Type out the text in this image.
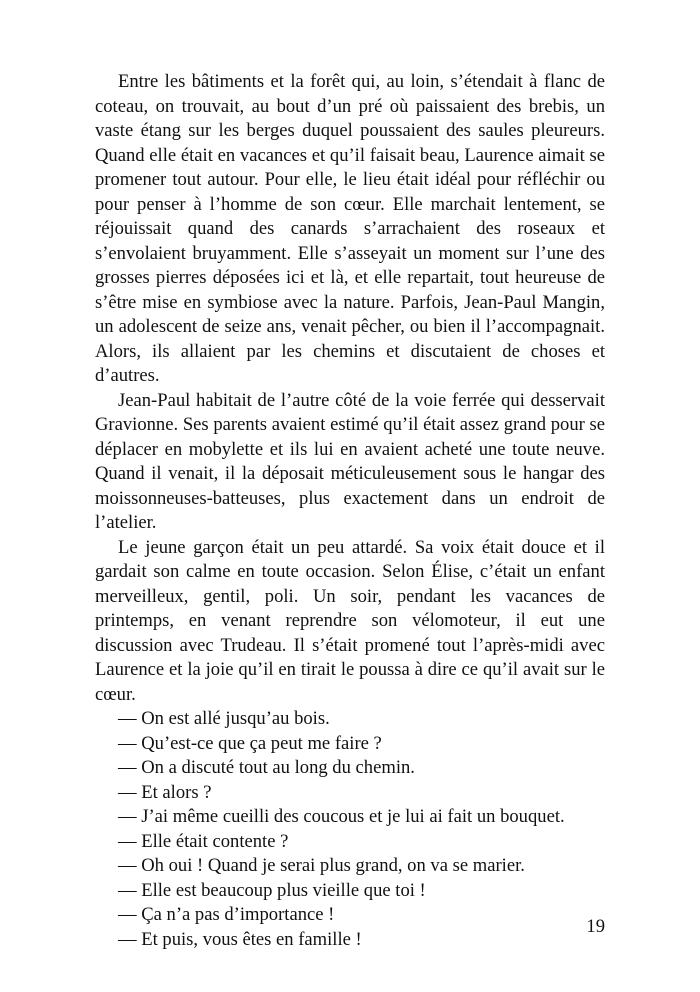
Entre les bâtiments et la forêt qui, au loin, s’étendait à flanc de coteau, on trouvait, au bout d’un pré où paissaient des brebis, un vaste étang sur les berges duquel poussaient des saules pleureurs. Quand elle était en vacances et qu’il faisait beau, Laurence aimait se promener tout autour. Pour elle, le lieu était idéal pour réfléchir ou pour penser à l’homme de son cœur. Elle marchait lentement, se réjouissait quand des canards s’arrachaient des roseaux et s’envolaient bruyamment. Elle s’asseyait un moment sur l’une des grosses pierres déposées ici et là, et elle repartait, tout heureuse de s’être mise en symbiose avec la nature. Parfois, Jean-Paul Mangin, un adolescent de seize ans, venait pêcher, ou bien il l’accompagnait. Alors, ils allaient par les chemins et discutaient de choses et d’autres.

Jean-Paul habitait de l’autre côté de la voie ferrée qui desservait Gravionne. Ses parents avaient estimé qu’il était assez grand pour se déplacer en mobylette et ils lui en avaient acheté une toute neuve. Quand il venait, il la déposait méticuleusement sous le hangar des moissonneuses-batteuses, plus exactement dans un endroit de l’atelier.

Le jeune garçon était un peu attardé. Sa voix était douce et il gardait son calme en toute occasion. Selon Élise, c’était un enfant merveilleux, gentil, poli. Un soir, pendant les vacances de printemps, en venant reprendre son vélomoteur, il eut une discussion avec Trudeau. Il s’était promené tout l’après-midi avec Laurence et la joie qu’il en tirait le poussa à dire ce qu’il avait sur le cœur.

— On est allé jusqu’au bois.
— Qu’est-ce que ça peut me faire ?
— On a discuté tout au long du chemin.
— Et alors ?
— J’ai même cueilli des coucous et je lui ai fait un bouquet.
— Elle était contente ?
— Oh oui ! Quand je serai plus grand, on va se marier.
— Elle est beaucoup plus vieille que toi !
— Ça n’a pas d’importance !
— Et puis, vous êtes en famille !
19
